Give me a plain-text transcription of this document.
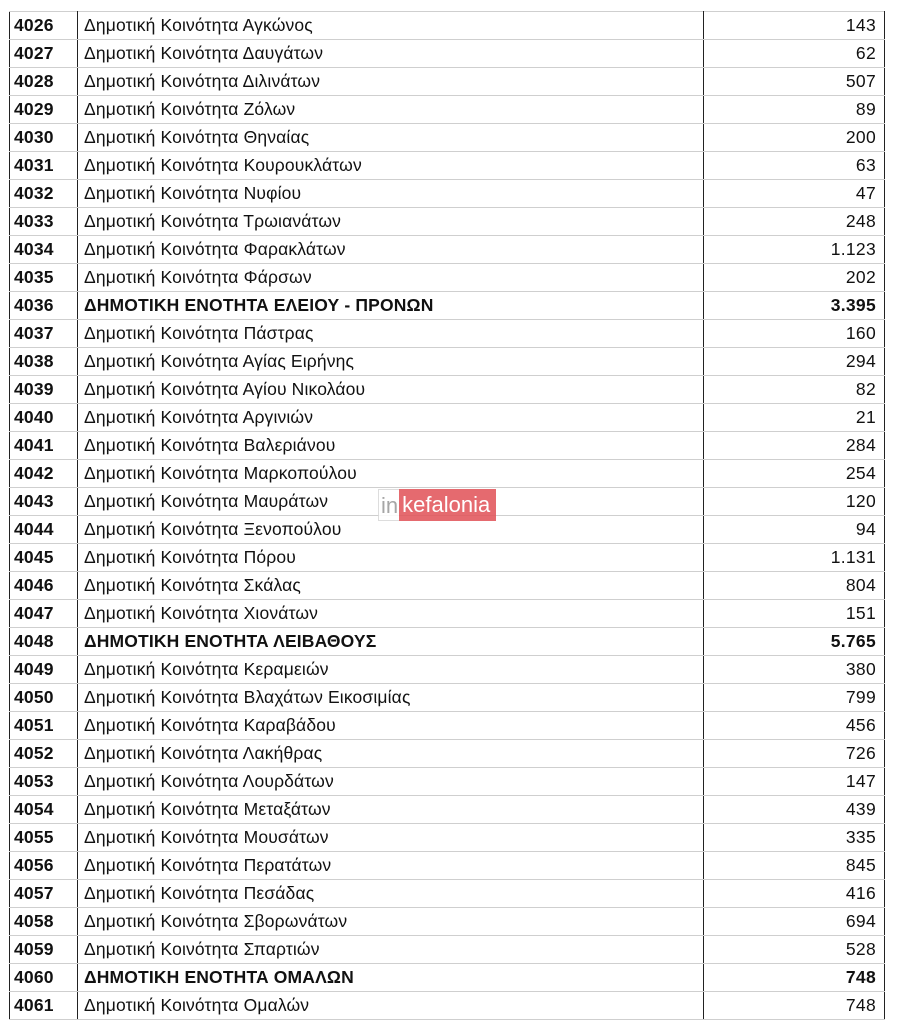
4026	Δημοτική Κοινότητα Αγκώνος	143
4027	Δημοτική Κοινότητα Δαυγάτων	62
4028	Δημοτική Κοινότητα Διλινάτων	507
4029	Δημοτική Κοινότητα Ζόλων	89
4030	Δημοτική Κοινότητα Θηναίας	200
4031	Δημοτική Κοινότητα Κουρουκλάτων	63
4032	Δημοτική Κοινότητα Νυφίου	47
4033	Δημοτική Κοινότητα Τρωιανάτων	248
4034	Δημοτική Κοινότητα Φαρακλάτων	1.123
4035	Δημοτική Κοινότητα Φάρσων	202
4036	ΔΗΜΟΤΙΚΗ ΕΝΟΤΗΤΑ ΕΛΕΙΟΥ - ΠΡΟΝΩΝ	3.395
4037	Δημοτική Κοινότητα Πάστρας	160
4038	Δημοτική Κοινότητα Αγίας Ειρήνης	294
4039	Δημοτική Κοινότητα Αγίου Νικολάου	82
4040	Δημοτική Κοινότητα Αργινιών	21
4041	Δημοτική Κοινότητα Βαλεριάνου	284
4042	Δημοτική Κοινότητα Μαρκοπούλου	254
4043	Δημοτική Κοινότητα Μαυράτων	120
4044	Δημοτική Κοινότητα Ξενοπούλου	94
4045	Δημοτική Κοινότητα Πόρου	1.131
4046	Δημοτική Κοινότητα Σκάλας	804
4047	Δημοτική Κοινότητα Χιονάτων	151
4048	ΔΗΜΟΤΙΚΗ ΕΝΟΤΗΤΑ ΛΕΙΒΑΘΟΥΣ	5.765
4049	Δημοτική Κοινότητα Κεραμειών	380
4050	Δημοτική Κοινότητα Βλαχάτων Εικοσιμίας	799
4051	Δημοτική Κοινότητα Καραβάδου	456
4052	Δημοτική Κοινότητα Λακήθρας	726
4053	Δημοτική Κοινότητα Λουρδάτων	147
4054	Δημοτική Κοινότητα Μεταξάτων	439
4055	Δημοτική Κοινότητα Μουσάτων	335
4056	Δημοτική Κοινότητα Περατάτων	845
4057	Δημοτική Κοινότητα Πεσάδας	416
4058	Δημοτική Κοινότητα Σβορωνάτων	694
4059	Δημοτική Κοινότητα Σπαρτιών	528
4060	ΔΗΜΟΤΙΚΗ ΕΝΟΤΗΤΑ ΟΜΑΛΩΝ	748
4061	Δημοτική Κοινότητα Ομαλών	748
in kefalonia
